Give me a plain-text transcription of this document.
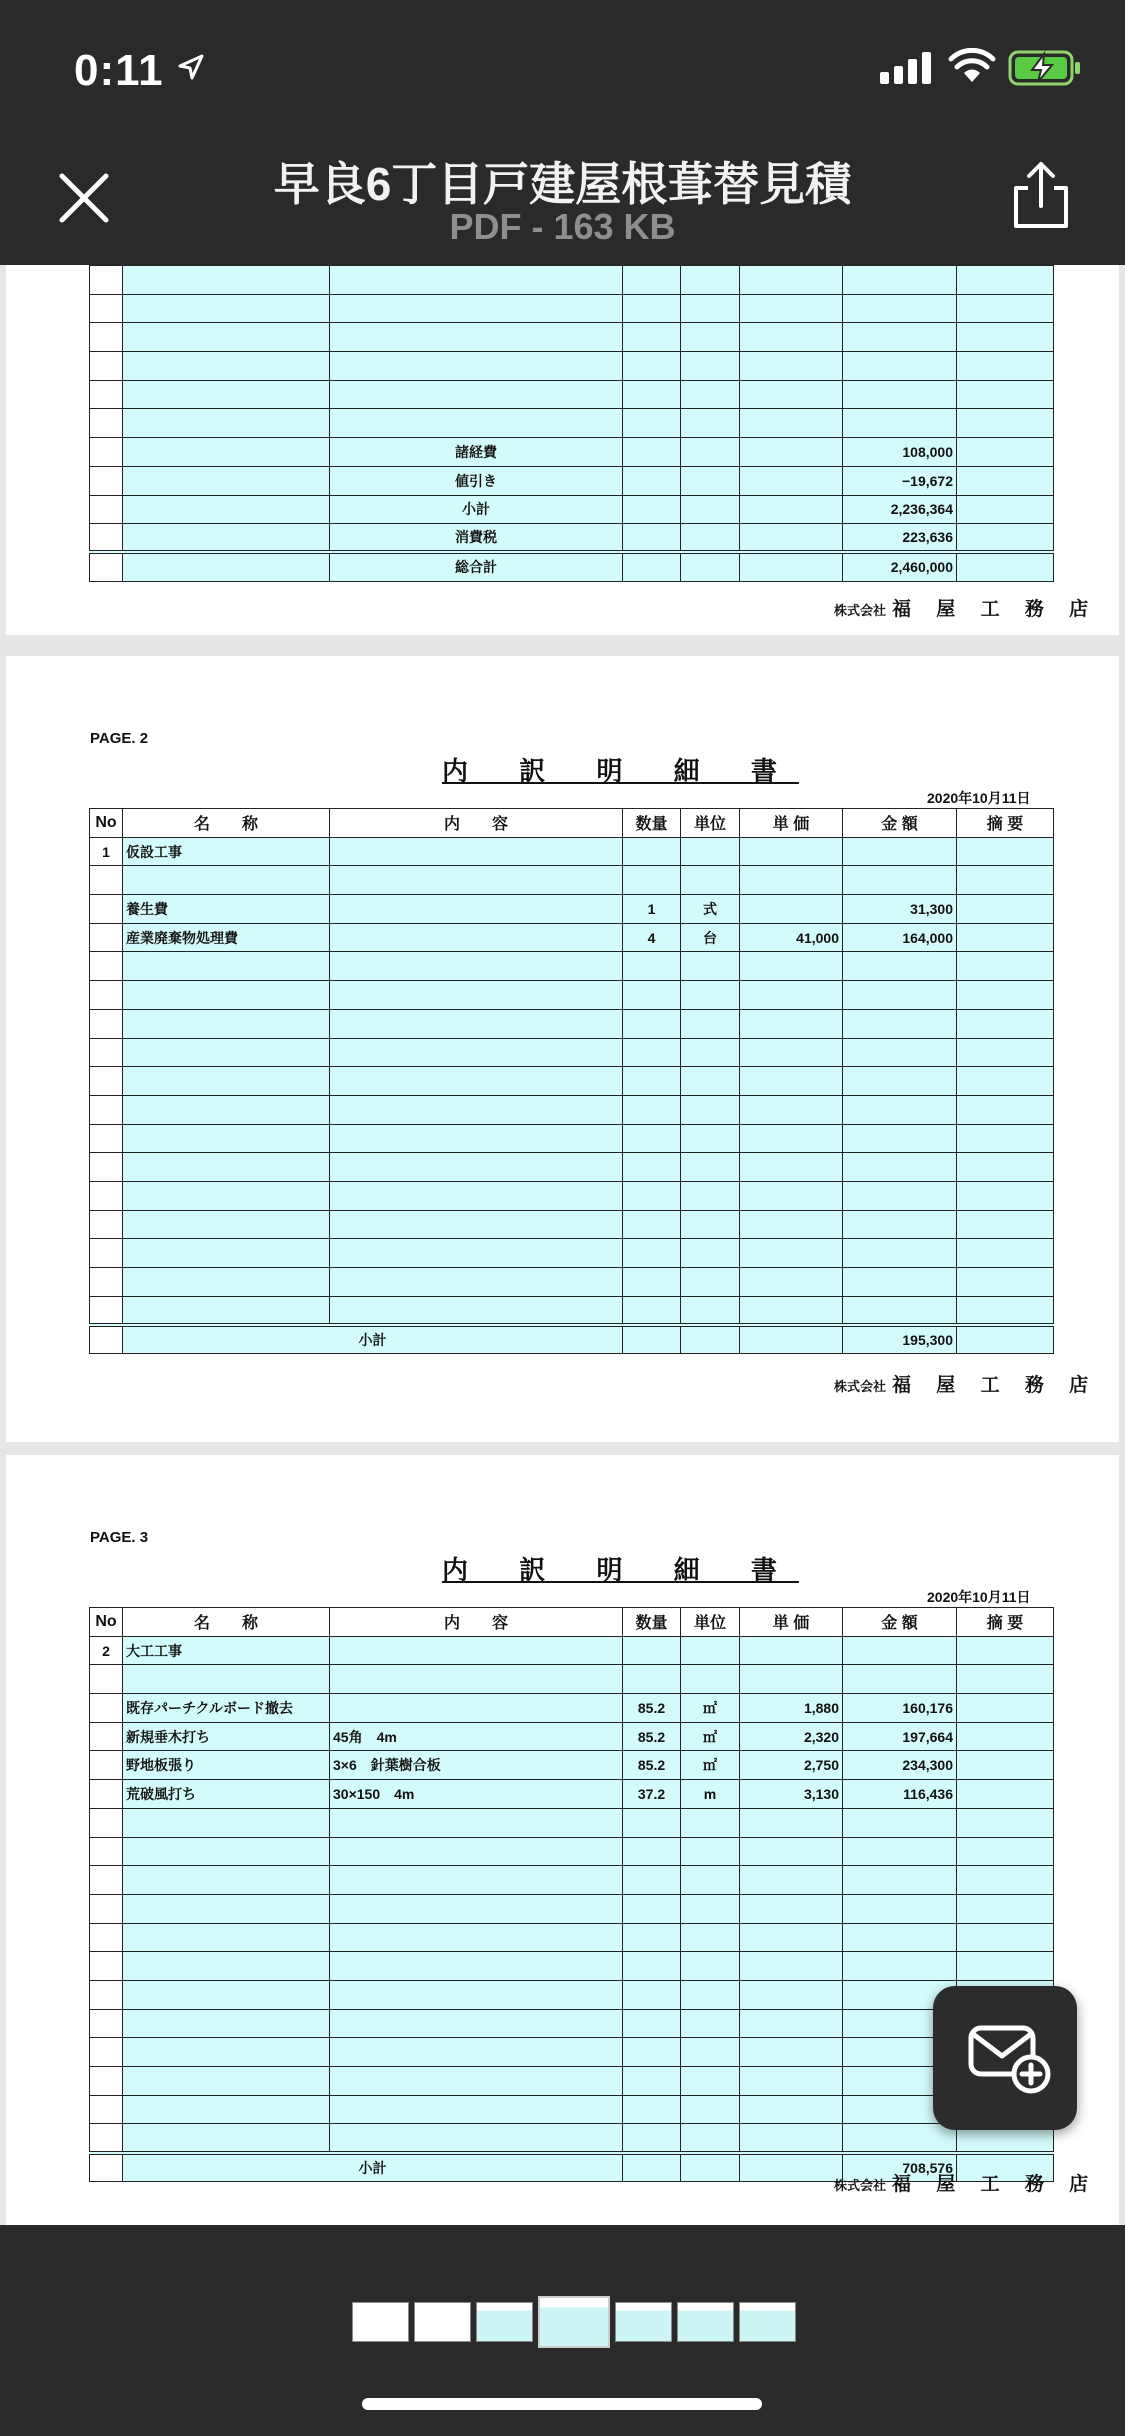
0:11
早良6丁目戸建屋根葺替見積
PDF - 163 KB

		諸経費				108,000	
		値引き				−19,672	
		小計				2,236,364	
		消費税				223,636	
		総合計				2,460,000	
株式会社 福 屋 工 務 店
PAGE. 2
内 訳 明 細 書
2020年10月11日
No	名　　称	内　　容	数量	単位	単 価	金 額	摘 要
1	仮設工事						

	養生費		1	式		31,300	
	産業廃棄物処理費		4	台	41,000	164,000	

	小計					195,300	
株式会社 福 屋 工 務 店
PAGE. 3
内 訳 明 細 書
2020年10月11日
No	名　　称	内　　容	数量	単位	単 価	金 額	摘 要
2	大工工事						

	既存パーチクルボード撤去		85.2	㎡	1,880	160,176	
	新規垂木打ち	45角　4m	85.2	㎡	2,320	197,664	
	野地板張り	3×6　針葉樹合板	85.2	㎡	2,750	234,300	
	荒破風打ち	30×150　4m	37.2	m	3,130	116,436	

	小計					708,576	
株式会社 福 屋 工 務 店
